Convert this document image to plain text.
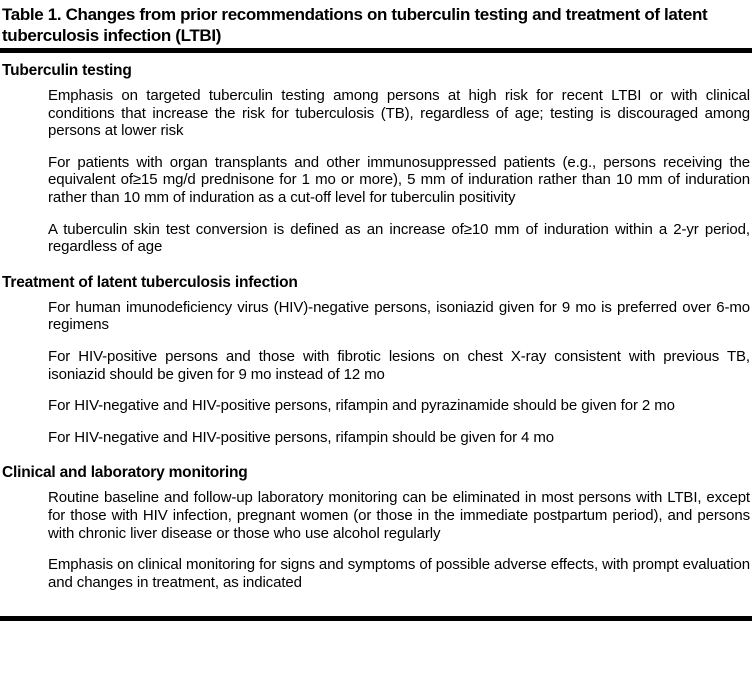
Table 1. Changes from prior recommendations on tuberculin testing and treatment of latent tuberculosis infection (LTBI)
Tuberculin testing

Emphasis on targeted tuberculin testing among persons at high risk for recent LTBI or with clinical conditions that increase the risk for tuberculosis (TB), regardless of age; testing is discouraged among persons at lower risk

For patients with organ transplants and other immunosuppressed patients (e.g., persons receiving the equivalent of≥15 mg/d prednisone for 1 mo or more), 5 mm of induration rather than 10 mm of induration rather than 10 mm of induration as a cut-off level for tuberculin positivity

A tuberculin skin test conversion is defined as an increase of≥10 mm of induration within a 2-yr period, regardless of age

Treatment of latent tuberculosis infection

For human imunodeficiency virus (HIV)-negative persons, isoniazid given for 9 mo is preferred over 6-mo regimens

For HIV-positive persons and those with fibrotic lesions on chest X-ray consistent with previous TB, isoniazid should be given for 9 mo instead of 12 mo

For HIV-negative and HIV-positive persons, rifampin and pyrazinamide should be given for 2 mo

For HIV-negative and HIV-positive persons, rifampin should be given for 4 mo

Clinical and laboratory monitoring

Routine baseline and follow-up laboratory monitoring can be eliminated in most persons with LTBI, except for those with HIV infection, pregnant women (or those in the immediate postpartum period), and persons with chronic liver disease or those who use alcohol regularly

Emphasis on clinical monitoring for signs and symptoms of possible adverse effects, with prompt evaluation and changes in treatment, as indicated
